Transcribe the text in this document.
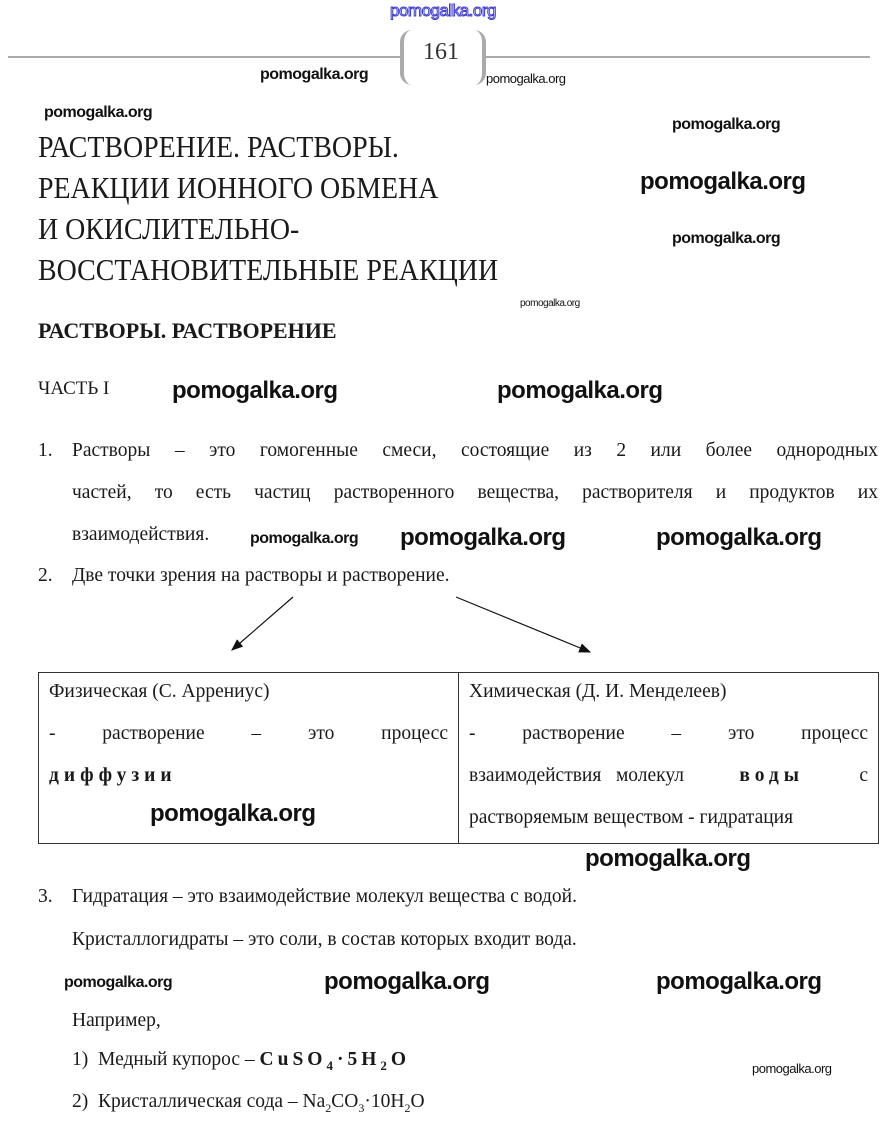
pomogalka.org
161
pomogalka.org	pomogalka.org
pomogalka.org
pomogalka.org
РАСТВОРЕНИЕ. РАСТВОРЫ.
РЕАКЦИИ ИОННОГО ОБМЕНА
И ОКИСЛИТЕЛЬНО-
ВОССТАНОВИТЕЛЬНЫЕ РЕАКЦИИ
pomogalka.org
pomogalka.org
pomogalka.org
РАСТВОРЫ. РАСТВОРЕНИЕ
ЧАСТЬ I	pomogalka.org	pomogalka.org
1. Растворы – это гомогенные смеси, состоящие из 2 или более однородных
частей, то есть частиц растворенного вещества, растворителя и продуктов их
взаимодействия.	pomogalka.org pomogalka.org	pomogalka.org
2. Две точки зрения на растворы и растворение.
Физическая (С. Аррениус)
-   растворение   –   это   процесс
диффузии

Химическая (Д. И. Менделеев)
-   растворение   –   это   процесс
взаимодействия   молекул	воды	с
растворяемым веществом - гидратация
pomogalka.org
pomogalka.org
3. Гидратация – это взаимодействие молекул вещества с водой.
Кристаллогидраты – это соли, в состав которых входит вода.
pomogalka.org
pomogalka.org	pomogalka.org
Например,
1) Медный купорос – $CuSO_4\cdot 5H_2O$	pomogalka.org
2) Кристаллическая сода – $Na_2CO_3\cdot 10H_2O$
